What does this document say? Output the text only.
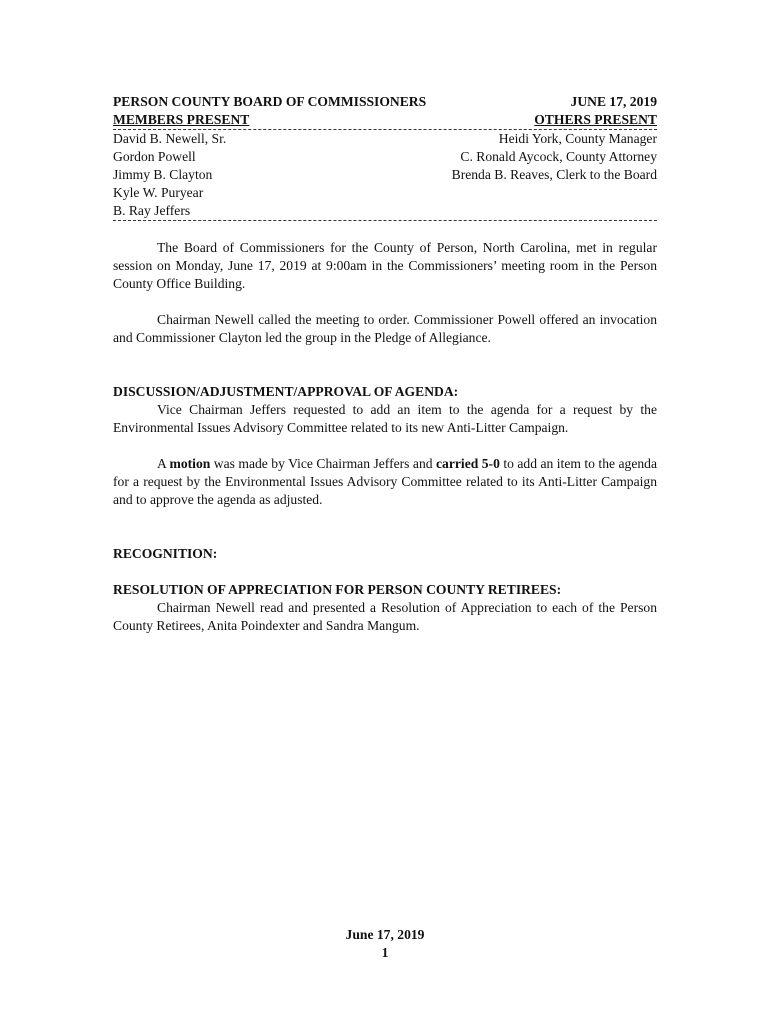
PERSON COUNTY BOARD OF COMMISSIONERS	JUNE 17, 2019
MEMBERS PRESENT	OTHERS PRESENT
David B. Newell, Sr.
Gordon Powell
Jimmy B. Clayton
Kyle W. Puryear
B. Ray Jeffers
Heidi York, County Manager
C. Ronald Aycock, County Attorney
Brenda B. Reaves, Clerk to the Board

The Board of Commissioners for the County of Person, North Carolina, met in regular session on Monday, June 17, 2019 at 9:00am in the Commissioners’ meeting room in the Person County Office Building.

Chairman Newell called the meeting to order. Commissioner Powell offered an invocation and Commissioner Clayton led the group in the Pledge of Allegiance.

DISCUSSION/ADJUSTMENT/APPROVAL OF AGENDA:

Vice Chairman Jeffers requested to add an item to the agenda for a request by the Environmental Issues Advisory Committee related to its new Anti-Litter Campaign.

A motion was made by Vice Chairman Jeffers and carried 5-0 to add an item to the agenda for a request by the Environmental Issues Advisory Committee related to its Anti-Litter Campaign and to approve the agenda as adjusted.

RECOGNITION:
RESOLUTION OF APPRECIATION FOR PERSON COUNTY RETIREES:

Chairman Newell read and presented a Resolution of Appreciation to each of the Person County Retirees, Anita Poindexter and Sandra Mangum.

June 17, 2019
1
